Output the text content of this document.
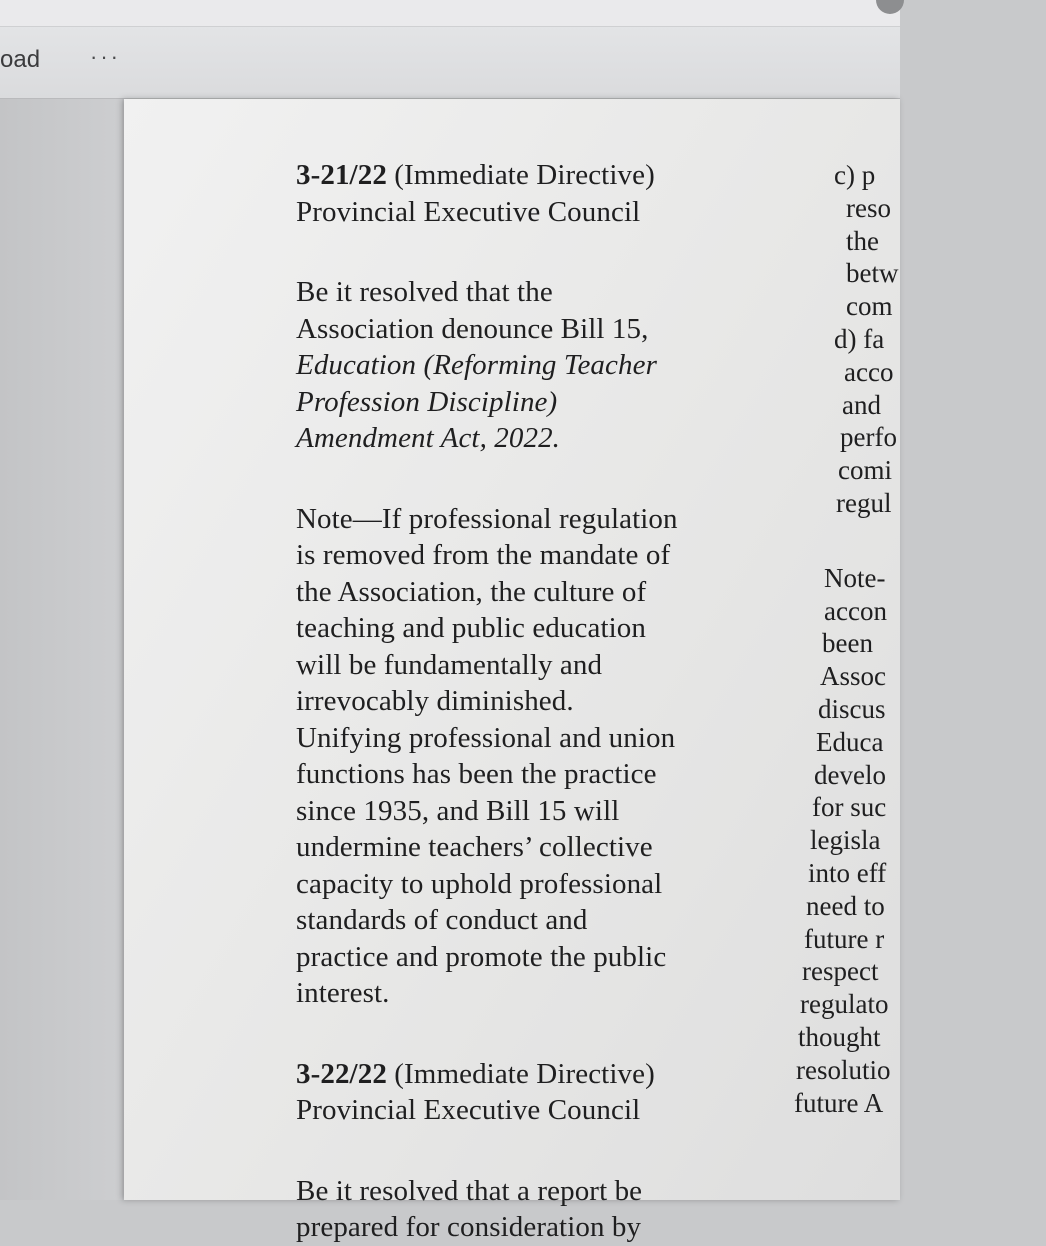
oad ···
3-21/22 (Immediate Directive)
Provincial Executive Council
Be it resolved that the
Association denounce Bill 15,
Education (Reforming Teacher
Profession Discipline)
Amendment Act, 2022.
Note—If professional regulation
is removed from the mandate of
the Association, the culture of
teaching and public education
will be fundamentally and
irrevocably diminished.
Unifying professional and union
functions has been the practice
since 1935, and Bill 15 will
undermine teachers’ collective
capacity to uphold professional
standards of conduct and
practice and promote the public
interest.
3-22/22 (Immediate Directive)
Provincial Executive Council
Be it resolved that a report be
prepared for consideration by
c) p
reso
the
betw
com
d) fa
acco
and
perfo
comi
regul
Note-
accon
been
Assoc
discus
Educa
develo
for suc
legisla
into eff
need to
future r
respect
regulato
thought
resolutio
future A
